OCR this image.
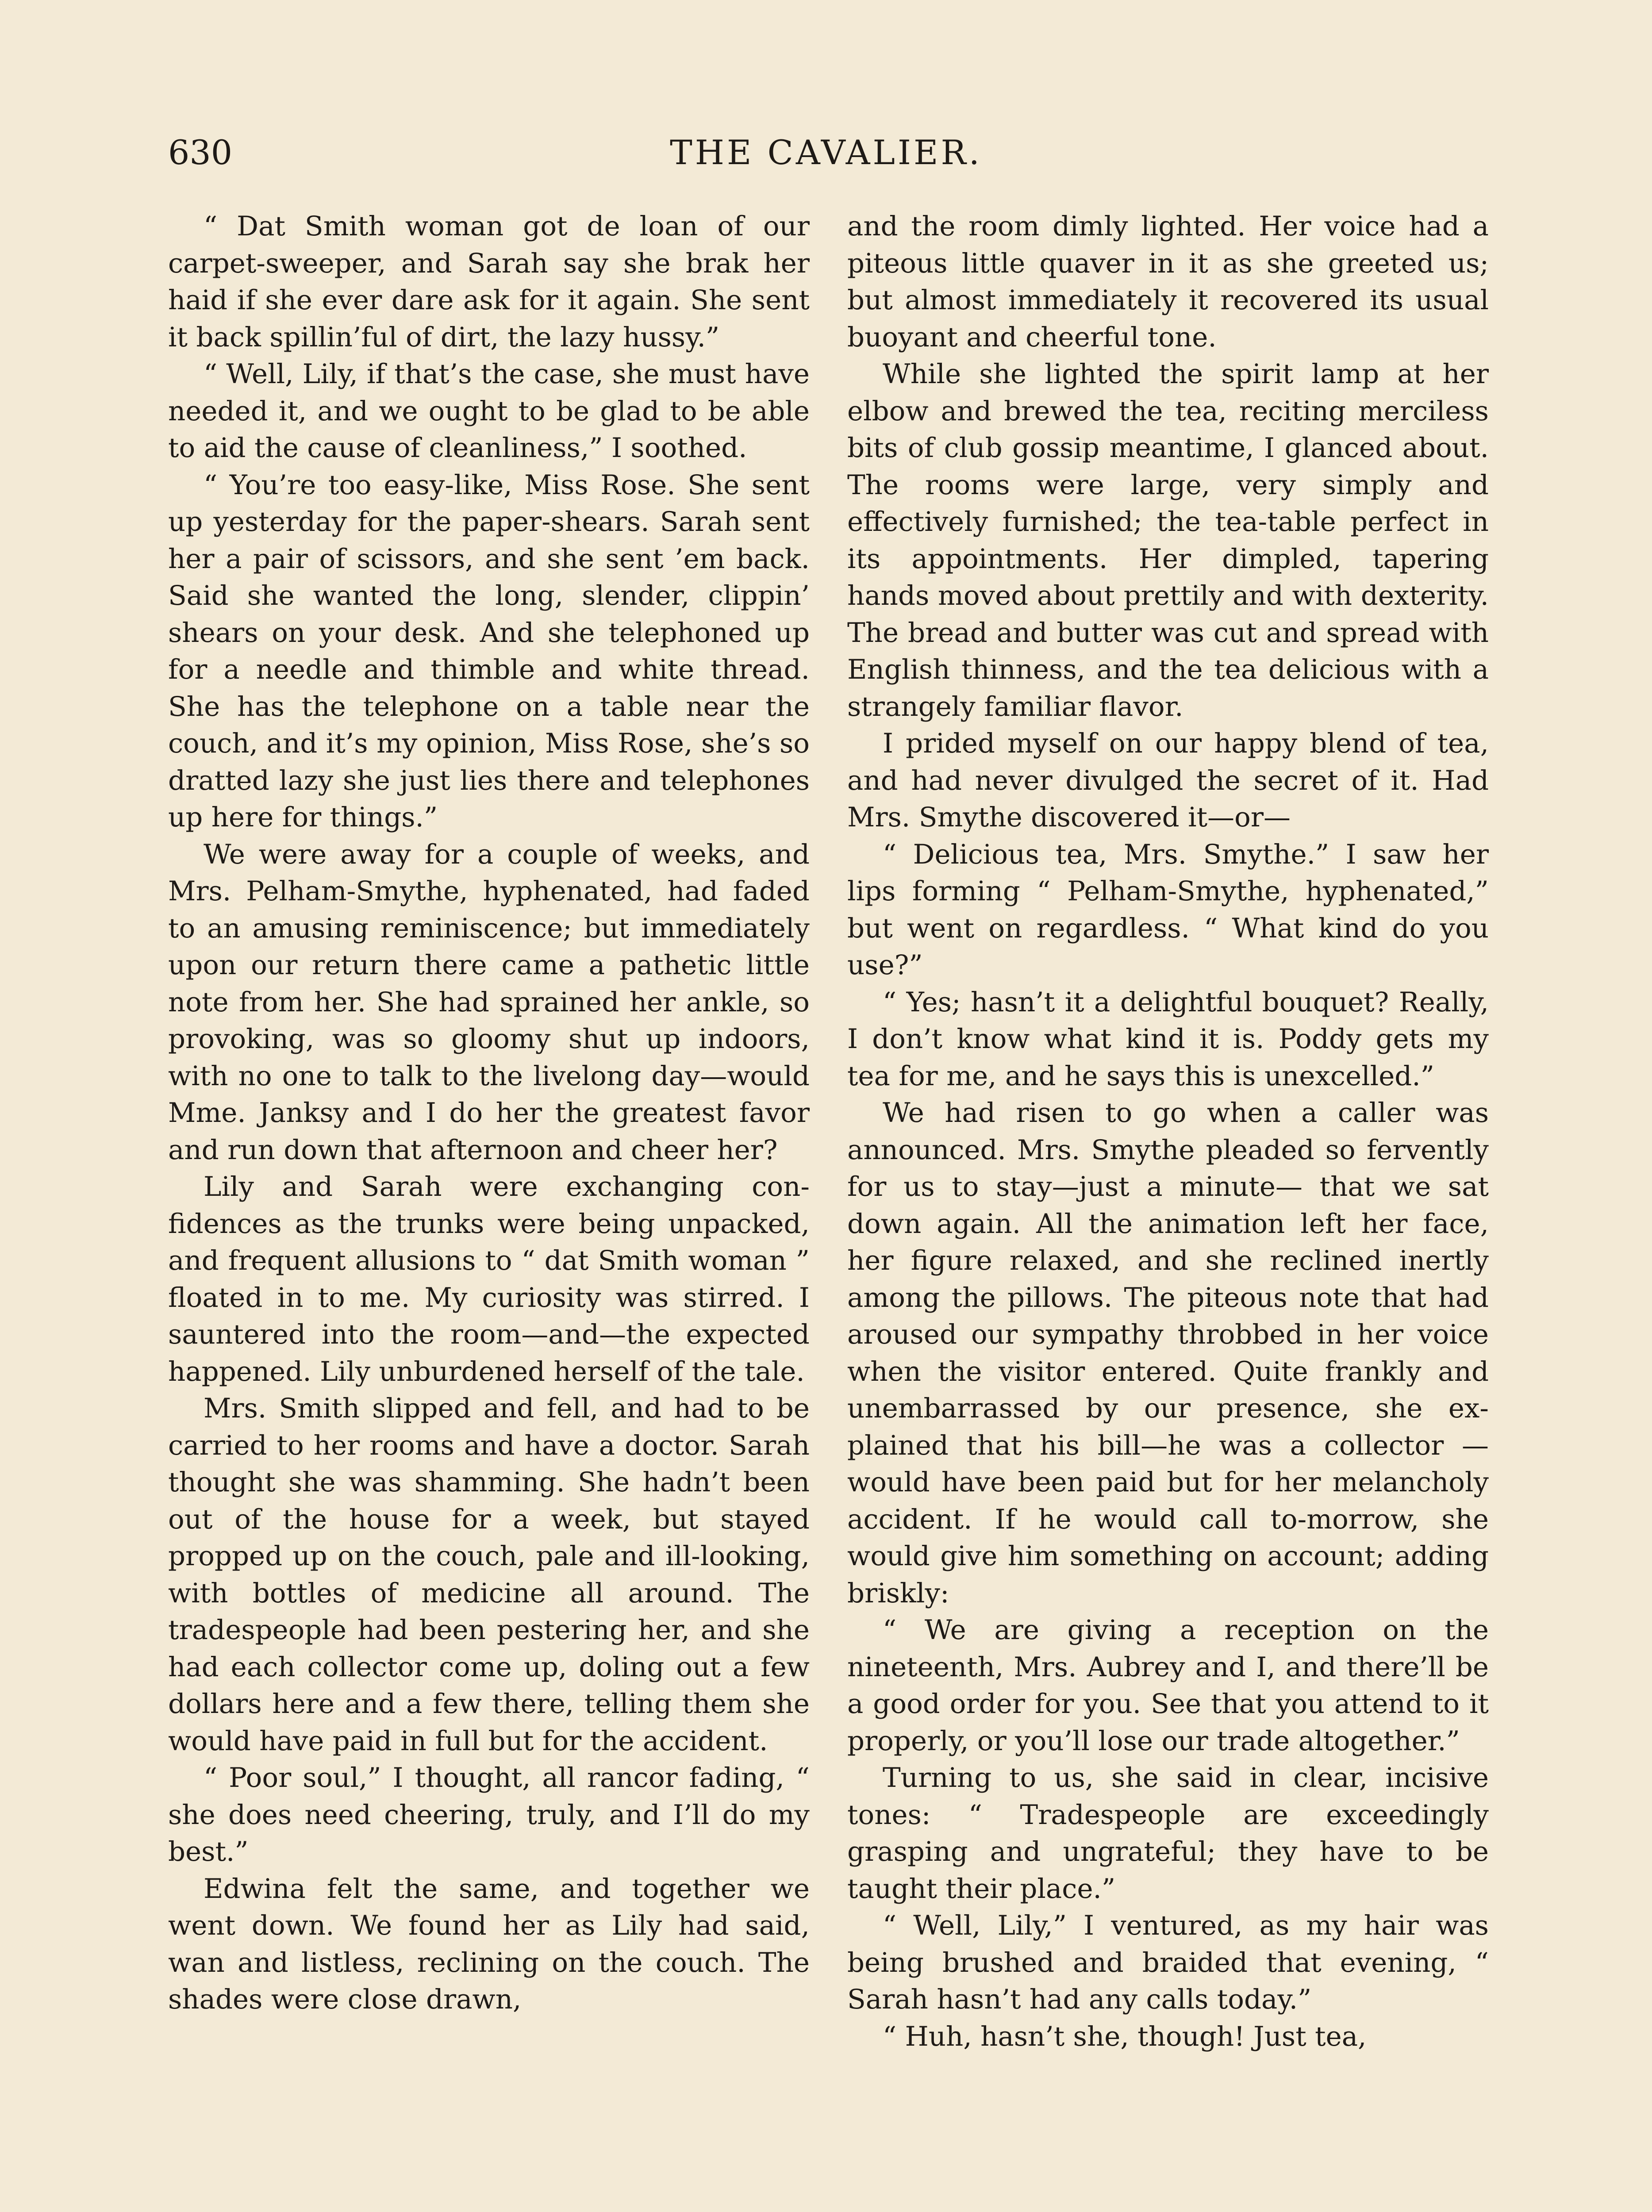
630	THE CAVALIER.

“ Dat Smith woman got de loan of our carpet-sweeper, and Sarah say she brak her haid if she ever dare ask for it again. She sent it back spillin’ful of dirt, the lazy hussy.”

“ Well, Lily, if that’s the case, she must have needed it, and we ought to be glad to be able to aid the cause of cleanliness,” I soothed.

“ You’re too easy-like, Miss Rose. She sent up yesterday for the paper-shears. Sarah sent her a pair of scissors, and she sent ’em back. Said she wanted the long, slender, clippin’ shears on your desk. And she telephoned up for a needle and thimble and white thread. She has the telephone on a table near the couch, and it’s my opinion, Miss Rose, she’s so dratted lazy she just lies there and telephones up here for things.”

We were away for a couple of weeks, and Mrs. Pelham-Smythe, hyphenated, had faded to an amusing reminiscence; but immediately upon our return there came a pathetic little note from her. She had sprained her ankle, so provoking, was so gloomy shut up indoors, with no one to talk to the livelong day—would Mme. Janksy and I do her the greatest favor and run down that afternoon and cheer her?

Lily and Sarah were exchanging confidences as the trunks were being unpacked, and frequent allusions to “ dat Smith woman ” floated in to me. My curiosity was stirred. I sauntered into the room—and—the expected happened. Lily unburdened herself of the tale.

Mrs. Smith slipped and fell, and had to be carried to her rooms and have a doctor. Sarah thought she was shamming. She hadn’t been out of the house for a week, but stayed propped up on the couch, pale and ill-looking, with bottles of medicine all around. The tradespeople had been pestering her, and she had each collector come up, doling out a few dollars here and a few there, telling them she would have paid in full but for the accident.

“ Poor soul,” I thought, all rancor fading, “ she does need cheering, truly, and I’ll do my best.”

Edwina felt the same, and together we went down. We found her as Lily had said, wan and listless, reclining on the couch. The shades were close drawn,

and the room dimly lighted. Her voice had a piteous little quaver in it as she greeted us; but almost immediately it recovered its usual buoyant and cheerful tone.

While she lighted the spirit lamp at her elbow and brewed the tea, reciting merciless bits of club gossip meantime, I glanced about. The rooms were large, very simply and effectively furnished; the tea-table perfect in its appointments. Her dimpled, tapering hands moved about prettily and with dexterity. The bread and butter was cut and spread with English thinness, and the tea delicious with a strangely familiar flavor.

I prided myself on our happy blend of tea, and had never divulged the secret of it. Had Mrs. Smythe discovered it—or—

“ Delicious tea, Mrs. Smythe.” I saw her lips forming “ Pelham-Smythe, hyphenated,” but went on regardless. “ What kind do you use?”

“ Yes; hasn’t it a delightful bouquet? Really, I don’t know what kind it is. Poddy gets my tea for me, and he says this is unexcelled.”

We had risen to go when a caller was announced. Mrs. Smythe pleaded so fervently for us to stay—just a minute— that we sat down again. All the animation left her face, her figure relaxed, and she reclined inertly among the pillows. The piteous note that had aroused our sympathy throbbed in her voice when the visitor entered. Quite frankly and unembarrassed by our presence, she explained that his bill—he was a collector —would have been paid but for her melancholy accident. If he would call to-morrow, she would give him something on account; adding briskly:

“ We are giving a reception on the nineteenth, Mrs. Aubrey and I, and there’ll be a good order for you. See that you attend to it properly, or you’ll lose our trade altogether.”

Turning to us, she said in clear, incisive tones: “ Tradespeople are exceedingly grasping and ungrateful; they have to be taught their place.”

“ Well, Lily,” I ventured, as my hair was being brushed and braided that evening, “ Sarah hasn’t had any calls today.”

“ Huh, hasn’t she, though! Just tea,
